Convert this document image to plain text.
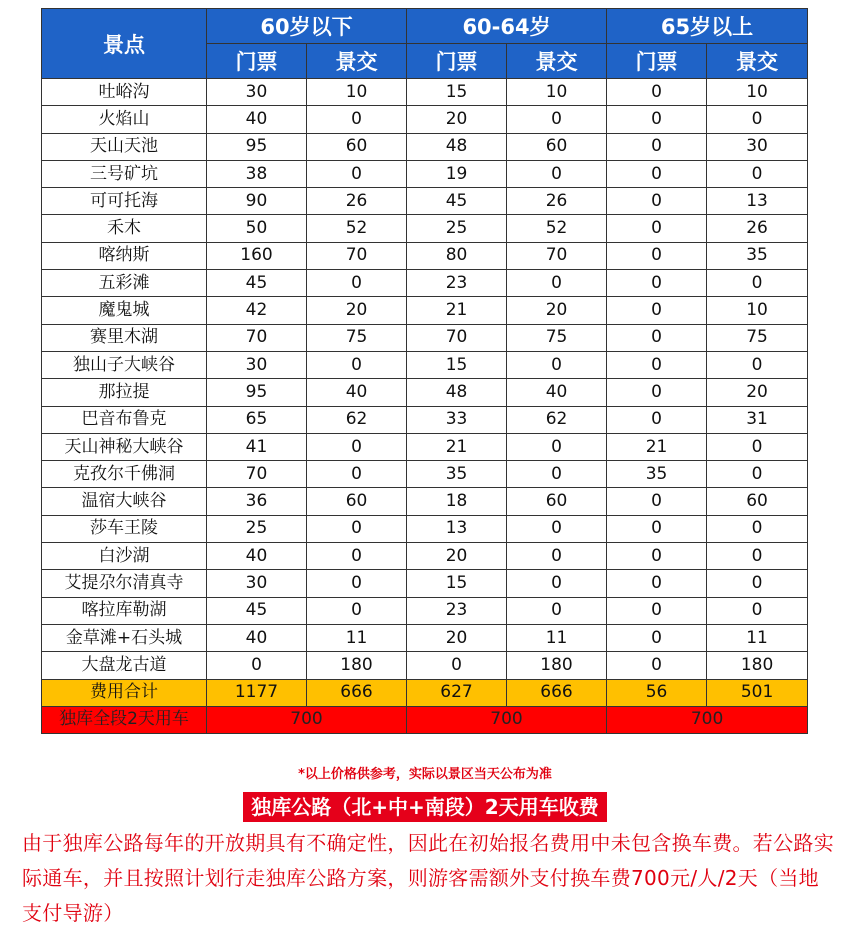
景点	60岁以下		60-64岁		65岁以上	
	门票	景交	门票	景交	门票	景交
吐峪沟	30	10	15	10	0	10
火焰山	40	0	20	0	0	0
天山天池	95	60	48	60	0	30
三号矿坑	38	0	19	0	0	0
可可托海	90	26	45	26	0	13
禾木	50	52	25	52	0	26
喀纳斯	160	70	80	70	0	35
五彩滩	45	0	23	0	0	0
魔鬼城	42	20	21	20	0	10
赛里木湖	70	75	70	75	0	75
独山子大峡谷	30	0	15	0	0	0
那拉提	95	40	48	40	0	20
巴音布鲁克	65	62	33	62	0	31
天山神秘大峡谷	41	0	21	0	21	0
克孜尔千佛洞	70	0	35	0	35	0
温宿大峡谷	36	60	18	60	0	60
莎车王陵	25	0	13	0	0	0
白沙湖	40	0	20	0	0	0
艾提尕尔清真寺	30	0	15	0	0	0
喀拉库勒湖	45	0	23	0	0	0
金草滩+石头城	40	11	20	11	0	11
大盘龙古道	0	180	0	180	0	180
费用合计	1177	666	627	666	56	501
独库全段2天用车	700		700		700	
*以上价格供参考，实际以景区当天公布为准
独库公路（北+中+南段）2天用车收费
由于独库公路每年的开放期具有不确定性，因此在初始报名费用中未包含换车费。若公路实际通车，并且按照计划行走独库公路方案，则游客需额外支付换车费700元/人/2天（当地支付导游）
